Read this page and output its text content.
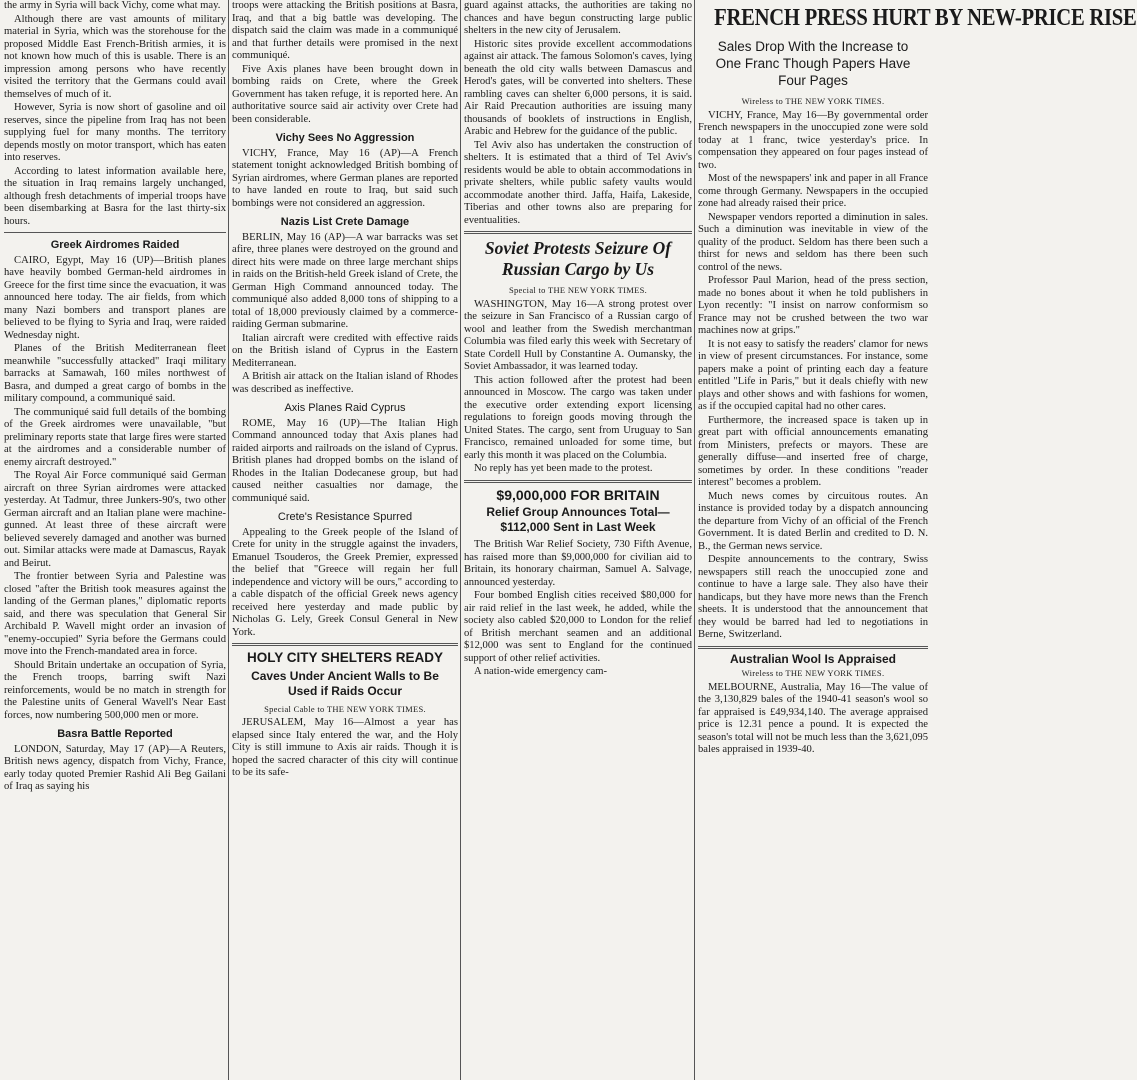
the army in Syria will back Vichy, come what may.

Although there are vast amounts of military material in Syria, which was the storehouse for the proposed Middle East French-British armies, it is not known how much of this is usable. There is an impression among persons who have recently visited the territory that the Germans could avail themselves of much of it.

However, Syria is now short of gasoline and oil reserves, since the pipeline from Iraq has not been supplying fuel for many months. The territory depends mostly on motor transport, which has eaten into reserves.

According to latest information available here, the situation in Iraq remains largely unchanged, although fresh detachments of imperial troops have been disembarking at Basra for the last thirty-six hours.

Greek Airdromes Raided

CAIRO, Egypt, May 16 (UP)—British planes have heavily bombed German-held airdromes in Greece for the first time since the evacuation, it was announced here today. The air fields, from which many Nazi bombers and transport planes are believed to be flying to Syria and Iraq, were raided Wednesday night.

Planes of the British Mediterranean fleet meanwhile "successfully attacked" Iraqi military barracks at Samawah, 160 miles northwest of Basra, and dumped a great cargo of bombs in the military compound, a communiqué said.

The communiqué said full details of the bombing of the Greek airdromes were unavailable, "but preliminary reports state that large fires were started at the airdromes and a considerable number of enemy aircraft destroyed."

The Royal Air Force communiqué said German aircraft on three Syrian airdromes were attacked yesterday. At Tadmur, three Junkers-90's, two other German aircraft and an Italian plane were machine-gunned. At least three of these aircraft were believed severely damaged and another was burned out. Similar attacks were made at Damascus, Rayak and Beirut.

The frontier between Syria and Palestine was closed "after the British took measures against the landing of the German planes," diplomatic reports said, and there was speculation that General Sir Archibald P. Wavell might order an invasion of "enemy-occupied" Syria before the Germans could move into the French-mandated area in force.

Should Britain undertake an occupation of Syria, the French troops, barring swift Nazi reinforcements, would be no match in strength for the Palestine units of General Wavell's Near East forces, now numbering 500,000 men or more.

Basra Battle Reported

LONDON, Saturday, May 17 (AP)—A Reuters, British news agency, dispatch from Vichy, France, early today quoted Premier Rashid Ali Beg Gailani of Iraq as saying his

troops were attacking the British positions at Basra, Iraq, and that a big battle was developing. The dispatch said the claim was made in a communiqué and that further details were promised in the next communiqué.

Five Axis planes have been brought down in bombing raids on Crete, where the Greek Government has taken refuge, it is reported here. An authoritative source said air activity over Crete had been considerable.

Vichy Sees No Aggression

VICHY, France, May 16 (AP)—A French statement tonight acknowledged British bombing of Syrian airdromes, where German planes are reported to have landed en route to Iraq, but said such bombings were not considered an aggression.

Nazis List Crete Damage

BERLIN, May 16 (AP)—A war barracks was set afire, three planes were destroyed on the ground and direct hits were made on three large merchant ships in raids on the British-held Greek island of Crete, the German High Command announced today. The communiqué also added 8,000 tons of shipping to a total of 18,000 previously claimed by a commerce-raiding German submarine.

Italian aircraft were credited with effective raids on the British island of Cyprus in the Eastern Mediterranean.

A British air attack on the Italian island of Rhodes was described as ineffective.

Axis Planes Raid Cyprus

ROME, May 16 (UP)—The Italian High Command announced today that Axis planes had raided airports and railroads on the island of Cyprus. British planes had dropped bombs on the island of Rhodes in the Italian Dodecanese group, but had caused neither casualties nor damage, the communiqué said.

Crete's Resistance Spurred

Appealing to the Greek people of the Island of Crete for unity in the struggle against the invaders, Emanuel Tsouderos, the Greek Premier, expressed the belief that "Greece will regain her full independence and victory will be ours," according to a cable dispatch of the official Greek news agency received here yesterday and made public by Nicholas G. Lely, Greek Consul General in New York.

HOLY CITY SHELTERS READY
Caves Under Ancient Walls to Be Used if Raids Occur
Special Cable to THE NEW YORK TIMES.

JERUSALEM, May 16—Almost a year has elapsed since Italy entered the war, and the Holy City is still immune to Axis air raids. Though it is hoped the sacred character of this city will continue to be its safe-

guard against attacks, the authorities are taking no chances and have begun constructing large public shelters in the new city of Jerusalem.

Historic sites provide excellent accommodations against air attack. The famous Solomon's caves, lying beneath the old city walls between Damascus and Herod's gates, will be converted into shelters. These rambling caves can shelter 6,000 persons, it is said. Air Raid Precaution authorities are issuing many thousands of booklets of instructions in English, Arabic and Hebrew for the guidance of the public.

Tel Aviv also has undertaken the construction of shelters. It is estimated that a third of Tel Aviv's residents would be able to obtain accommodations in private shelters, while public safety vaults would accommodate another third. Jaffa, Haifa, Lakeside, Tiberias and other towns also are preparing for eventualities.

Soviet Protests Seizure Of Russian Cargo by Us
Special to THE NEW YORK TIMES.

WASHINGTON, May 16—A strong protest over the seizure in San Francisco of a Russian cargo of wool and leather from the Swedish merchantman Columbia was filed early this week with Secretary of State Cordell Hull by Constantine A. Oumansky, the Soviet Ambassador, it was learned today.

This action followed after the protest had been announced in Moscow. The cargo was taken under the executive order extending export licensing regulations to foreign goods moving through the United States. The cargo, sent from Uruguay to San Francisco, remained unloaded for some time, but early this month it was placed on the Columbia.

No reply has yet been made to the protest.

$9,000,000 FOR BRITAIN
Relief Group Announces Total—$112,000 Sent in Last Week

The British War Relief Society, 730 Fifth Avenue, has raised more than $9,000,000 for civilian aid to Britain, its honorary chairman, Samuel A. Salvage, announced yesterday.

Four bombed English cities received $80,000 for air raid relief in the last week, he added, while the society also cabled $20,000 to London for the relief of British merchant seamen and an additional $12,000 was sent to England for the continued support of other relief activities.

A nation-wide emergency cam-

FRENCH PRESS HURT BY NEW-PRICE RISE
Sales Drop With the Increase to One Franc Though Papers Have Four Pages
Wireless to THE NEW YORK TIMES.

VICHY, France, May 16—By governmental order French newspapers in the unoccupied zone were sold today at 1 franc, twice yesterday's price. In compensation they appeared on four pages instead of two.

Most of the newspapers' ink and paper in all France come through Germany. Newspapers in the occupied zone had already raised their price.

Newspaper vendors reported a diminution in sales. Such a diminution was inevitable in view of the quality of the product. Seldom has there been such a thirst for news and seldom has there been such control of the news.

Professor Paul Marion, head of the press section, made no bones about it when he told publishers in Lyon recently: "I insist on narrow conformism so France may not be crushed between the two war machines now at grips."

It is not easy to satisfy the readers' clamor for news in view of present circumstances. For instance, some papers make a point of printing each day a feature entitled "Life in Paris," but it deals chiefly with new plays and other shows and with fashions for women, as if the occupied capital had no other cares.

Furthermore, the increased space is taken up in great part with official announcements emanating from Ministers, prefects or mayors. These are generally diffuse—and inserted free of charge, sometimes by order. In these conditions "reader interest" becomes a problem.

Much news comes by circuitous routes. An instance is provided today by a dispatch announcing the departure from Vichy of an official of the French Government. It is dated Berlin and credited to D. N. B., the German news service.

Despite announcements to the contrary, Swiss newspapers still reach the unoccupied zone and continue to have a large sale. They also have their handicaps, but they have more news than the French sheets. It is understood that the announcement that they would be barred had led to negotiations in Berne, Switzerland.

Australian Wool Is Appraised
Wireless to THE NEW YORK TIMES.

MELBOURNE, Australia, May 16—The value of the 3,130,829 bales of the 1940-41 season's wool so far appraised is £49,934,140. The average appraised price is 12.31 pence a pound. It is expected the season's total will not be much less than the 3,621,095 bales appraised in 1939-40.
